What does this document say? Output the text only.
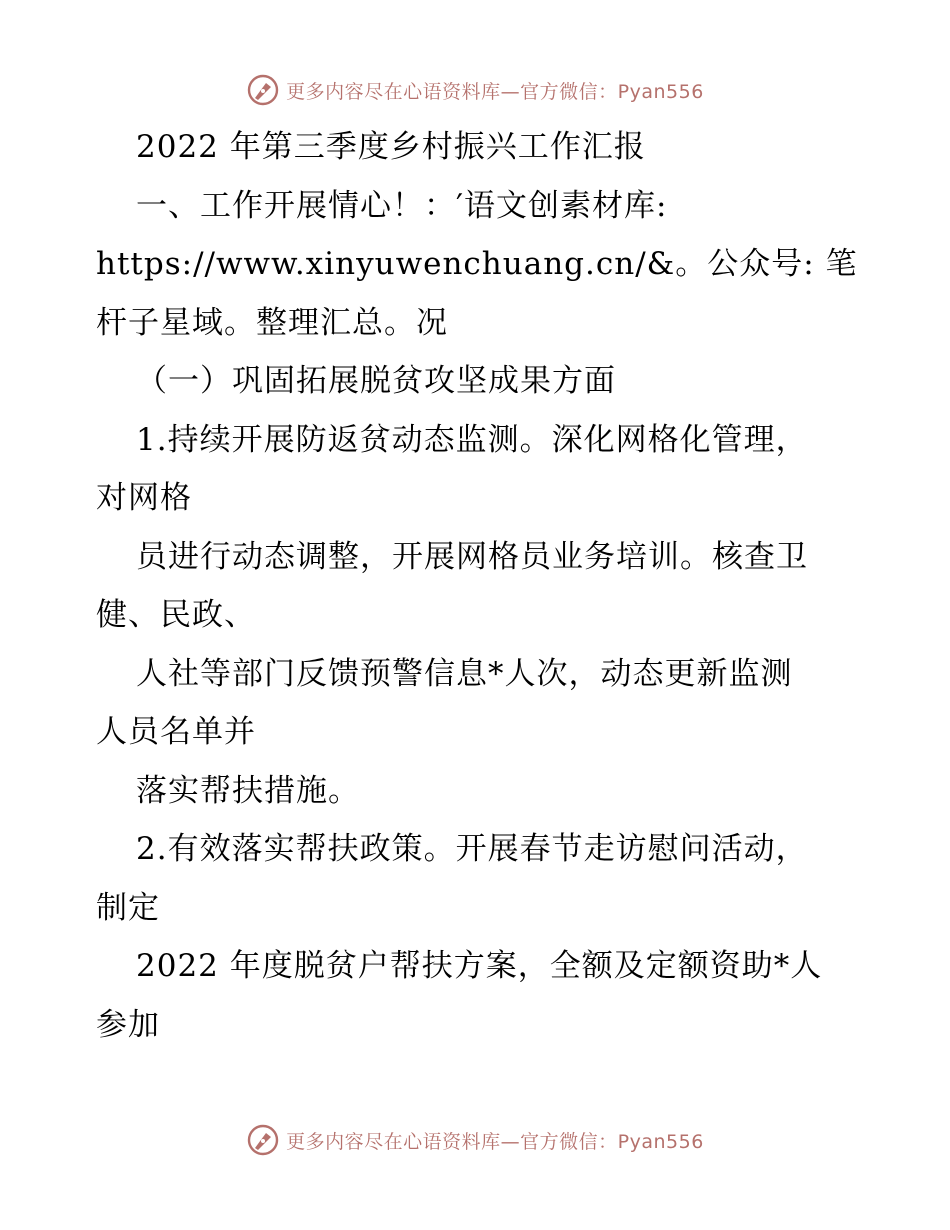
更多内容尽在心语资料库—官方微信：Pyan556
2022 年第三季度乡村振兴工作汇报
一、工作开展情心！：′语文创素材库:
https://www.xinyuwenchuang.cn/&。公众号: 笔
杆子星域。整理汇总。况
（一）巩固拓展脱贫攻坚成果方面
1.持续开展防返贫动态监测。深化网格化管理，
对网格
员进行动态调整，开展网格员业务培训。核查卫
健、民政、
人社等部门反馈预警信息*人次，动态更新监测
人员名单并
落实帮扶措施。
2.有效落实帮扶政策。开展春节走访慰问活动，
制定
2022 年度脱贫户帮扶方案，全额及定额资助*人
参加
更多内容尽在心语资料库—官方微信：Pyan556
